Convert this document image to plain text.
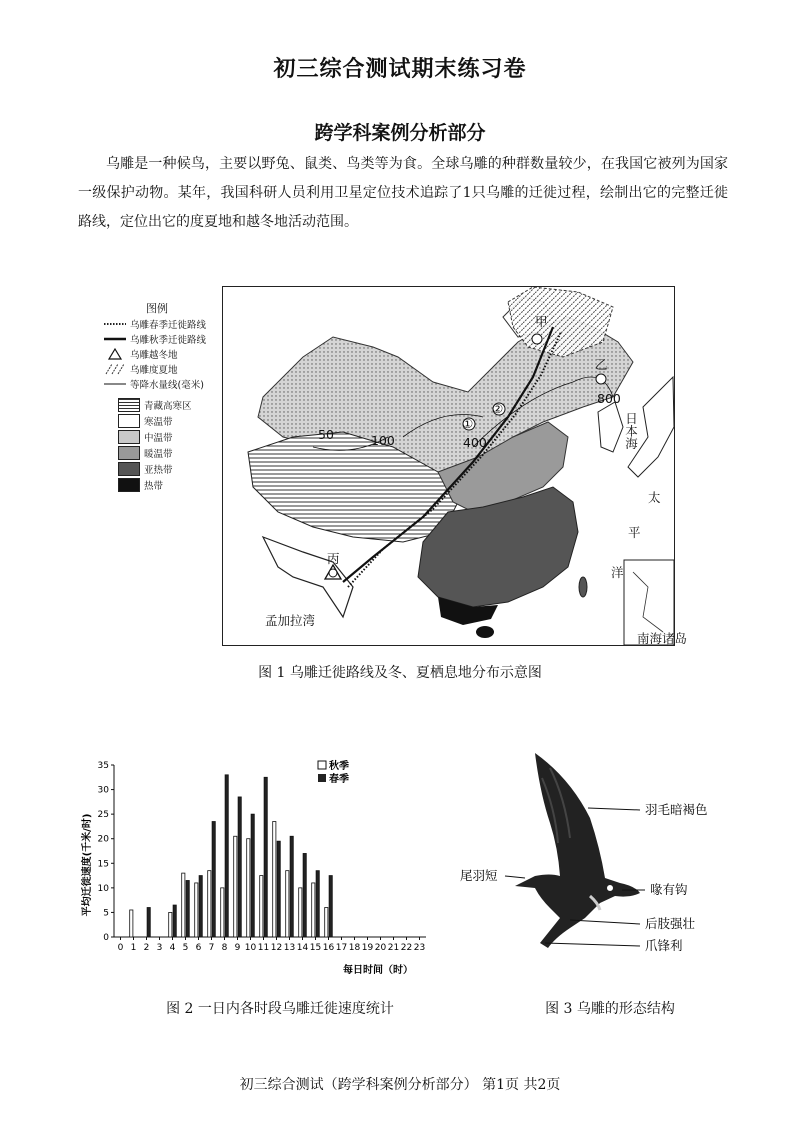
初三综合测试期末练习卷
跨学科案例分析部分
乌雕是一种候鸟，主要以野兔、鼠类、鸟类等为食。全球乌雕的种群数量较少，在我国它被列为国家一级保护动物。某年，我国科研人员利用卫星定位技术追踪了1只乌雕的迁徙过程，绘制出它的完整迁徙路线，定位出它的度夏地和越冬地活动范围。
图例
乌雕春季迁徙路线
乌雕秋季迁徙路线
乌雕越冬地
乌雕度夏地
等降水量线(毫米)
青藏高寒区
寒温带
中温带
暖温带
亚热带
热带
甲
乙
①
②
丙
800
400
100
50	日本海
太
平
洋
孟加拉湾
南海诸岛
图 1 乌雕迁徙路线及冬、夏栖息地分布示意图
平均迁徙速度(千米/时)
每日时间（时）
秋季
春季
0
5
10
15
20
25
30
35
0 1 2 3 4 5 6 7 8 9 10 11 12 13 14 15 16 17 18 19 20 21 22 23
图 2 一日内各时段乌雕迁徙速度统计
羽毛暗褐色
尾羽短
喙有钩
后肢强壮
爪锋利
图 3 乌雕的形态结构
初三综合测试（跨学科案例分析部分） 第1页 共2页
